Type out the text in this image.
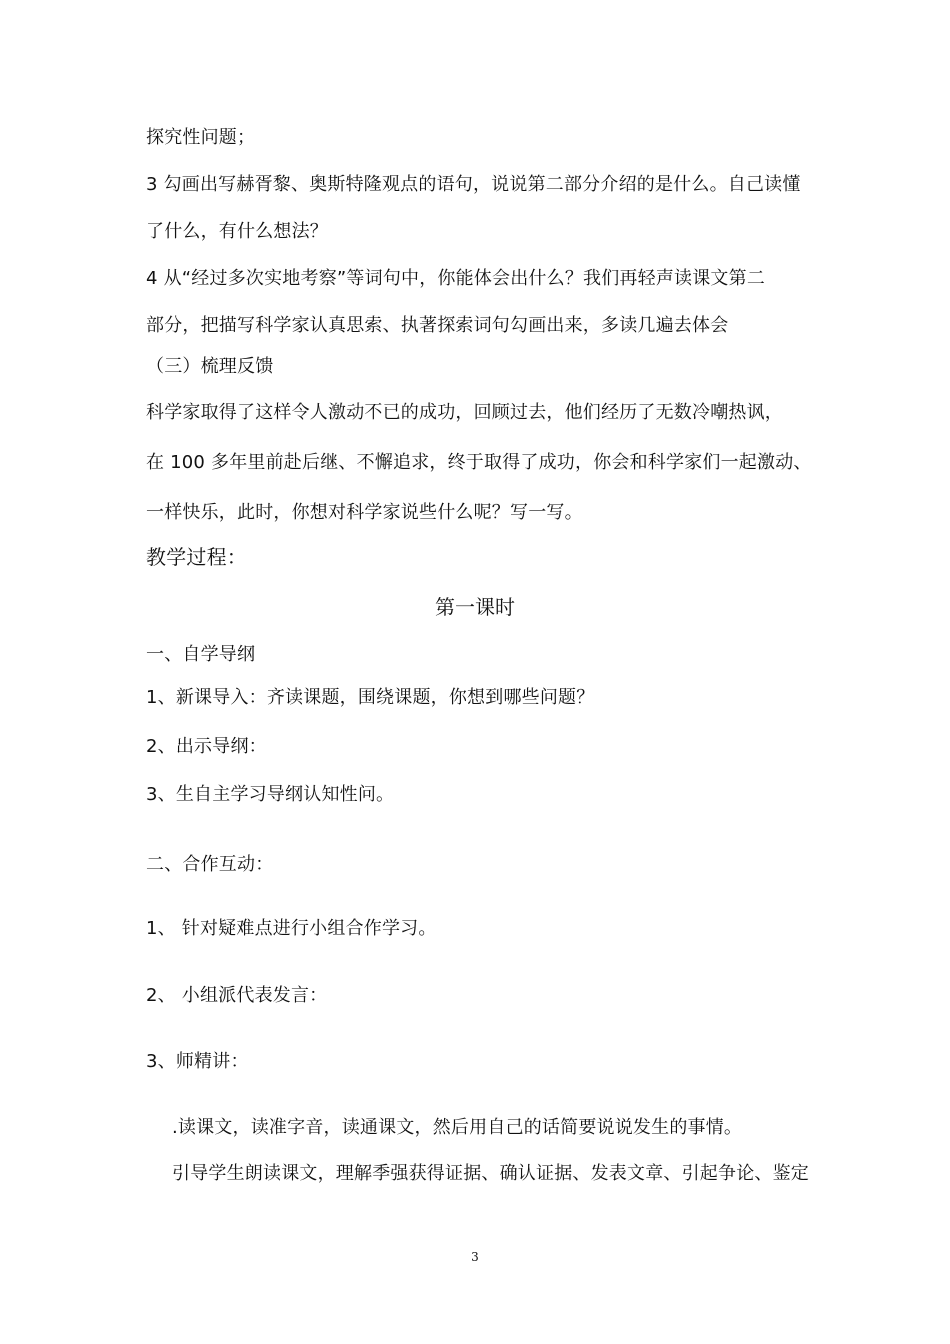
探究性问题；
3 勾画出写赫胥黎、奥斯特隆观点的语句，说说第二部分介绍的是什么。自己读懂
了什么，有什么想法？
4 从“经过多次实地考察”等词句中，你能体会出什么？我们再轻声读课文第二
部分，把描写科学家认真思索、执著探索词句勾画出来，多读几遍去体会
（三）梳理反馈
科学家取得了这样令人激动不已的成功，回顾过去，他们经历了无数冷嘲热讽，
在 100 多年里前赴后继、不懈追求，终于取得了成功，你会和科学家们一起激动、
一样快乐，此时，你想对科学家说些什么呢？写一写。
教学过程：
第一课时
一、自学导纲
1、新课导入：齐读课题，围绕课题，你想到哪些问题？
2、出示导纲：
3、生自主学习导纲认知性问。
二、合作互动：
1、 针对疑难点进行小组合作学习。
2、 小组派代表发言：
3、师精讲：
.读课文，读准字音，读通课文，然后用自己的话简要说说发生的事情。
引导学生朗读课文，理解季强获得证据、确认证据、发表文章、引起争论、鉴定
3
